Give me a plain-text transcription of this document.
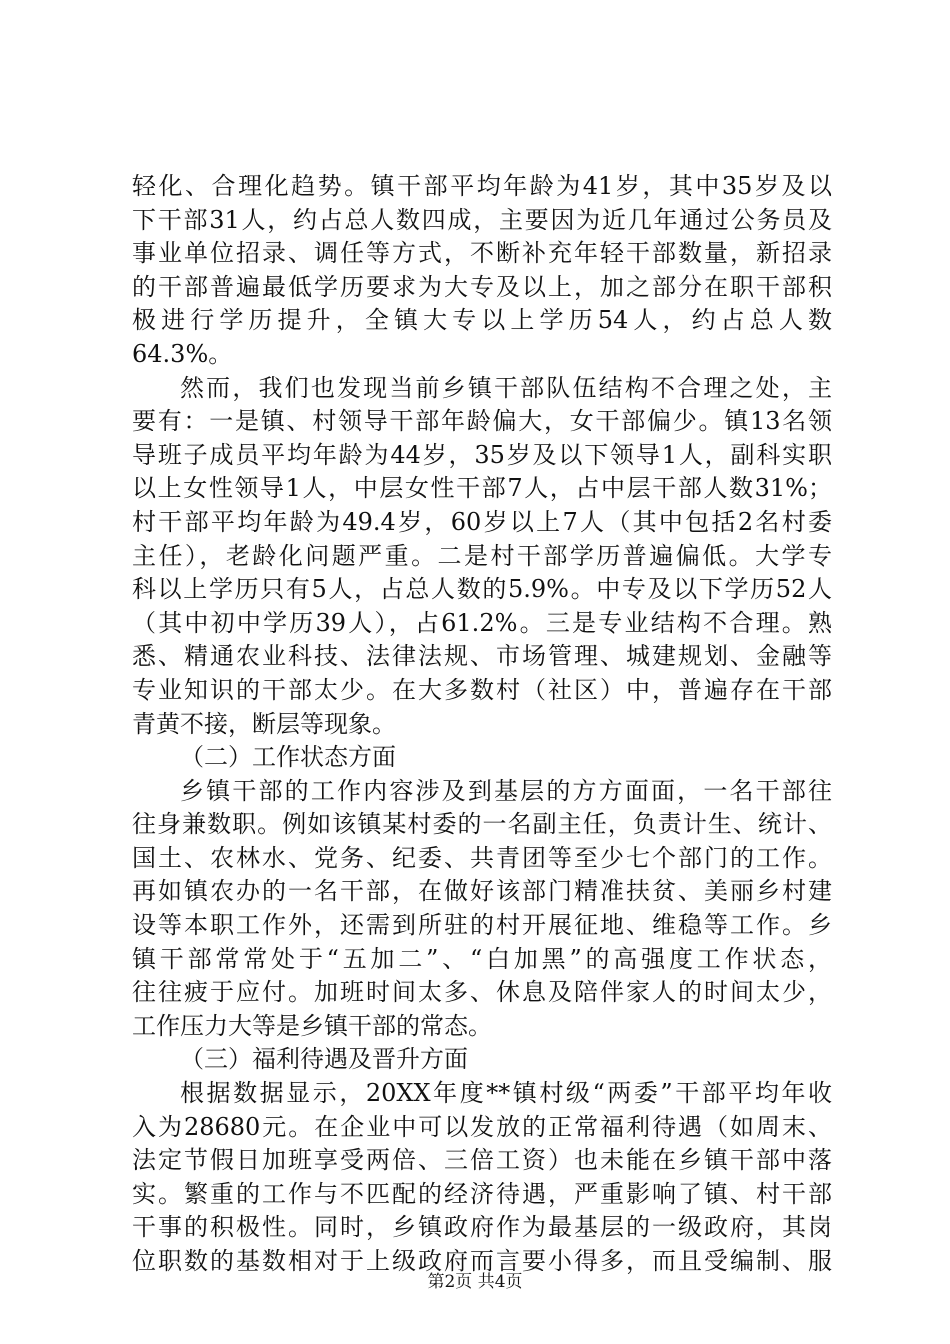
轻化、合理化趋势。镇干部平均年龄为41岁，其中35岁及以
下干部31人，约占总人数四成，主要因为近几年通过公务员及
事业单位招录、调任等方式，不断补充年轻干部数量，新招录
的干部普遍最低学历要求为大专及以上，加之部分在职干部积
极进行学历提升，全镇大专以上学历54人，约占总人数
64.3%。
然而，我们也发现当前乡镇干部队伍结构不合理之处，主
要有：一是镇、村领导干部年龄偏大，女干部偏少。镇13名领
导班子成员平均年龄为44岁，35岁及以下领导1人，副科实职
以上女性领导1人，中层女性干部7人，占中层干部人数31%；
村干部平均年龄为49.4岁，60岁以上7人（其中包括2名村委
主任），老龄化问题严重。二是村干部学历普遍偏低。大学专
科以上学历只有5人，占总人数的5.9%。中专及以下学历52人
（其中初中学历39人），占61.2%。三是专业结构不合理。熟
悉、精通农业科技、法律法规、市场管理、城建规划、金融等
专业知识的干部太少。在大多数村（社区）中，普遍存在干部
青黄不接，断层等现象。
（二）工作状态方面
乡镇干部的工作内容涉及到基层的方方面面，一名干部往
往身兼数职。例如该镇某村委的一名副主任，负责计生、统计、
国土、农林水、党务、纪委、共青团等至少七个部门的工作。
再如镇农办的一名干部，在做好该部门精准扶贫、美丽乡村建
设等本职工作外，还需到所驻的村开展征地、维稳等工作。乡
镇干部常常处于“五加二”、“白加黑”的高强度工作状态，
往往疲于应付。加班时间太多、休息及陪伴家人的时间太少，
工作压力大等是乡镇干部的常态。
（三）福利待遇及晋升方面
根据数据显示，20XX年度**镇村级“两委”干部平均年收
入为28680元。在企业中可以发放的正常福利待遇（如周末、
法定节假日加班享受两倍、三倍工资）也未能在乡镇干部中落
实。繁重的工作与不匹配的经济待遇，严重影响了镇、村干部
干事的积极性。同时，乡镇政府作为最基层的一级政府，其岗
位职数的基数相对于上级政府而言要小得多，而且受编制、服
第2页 共4页
